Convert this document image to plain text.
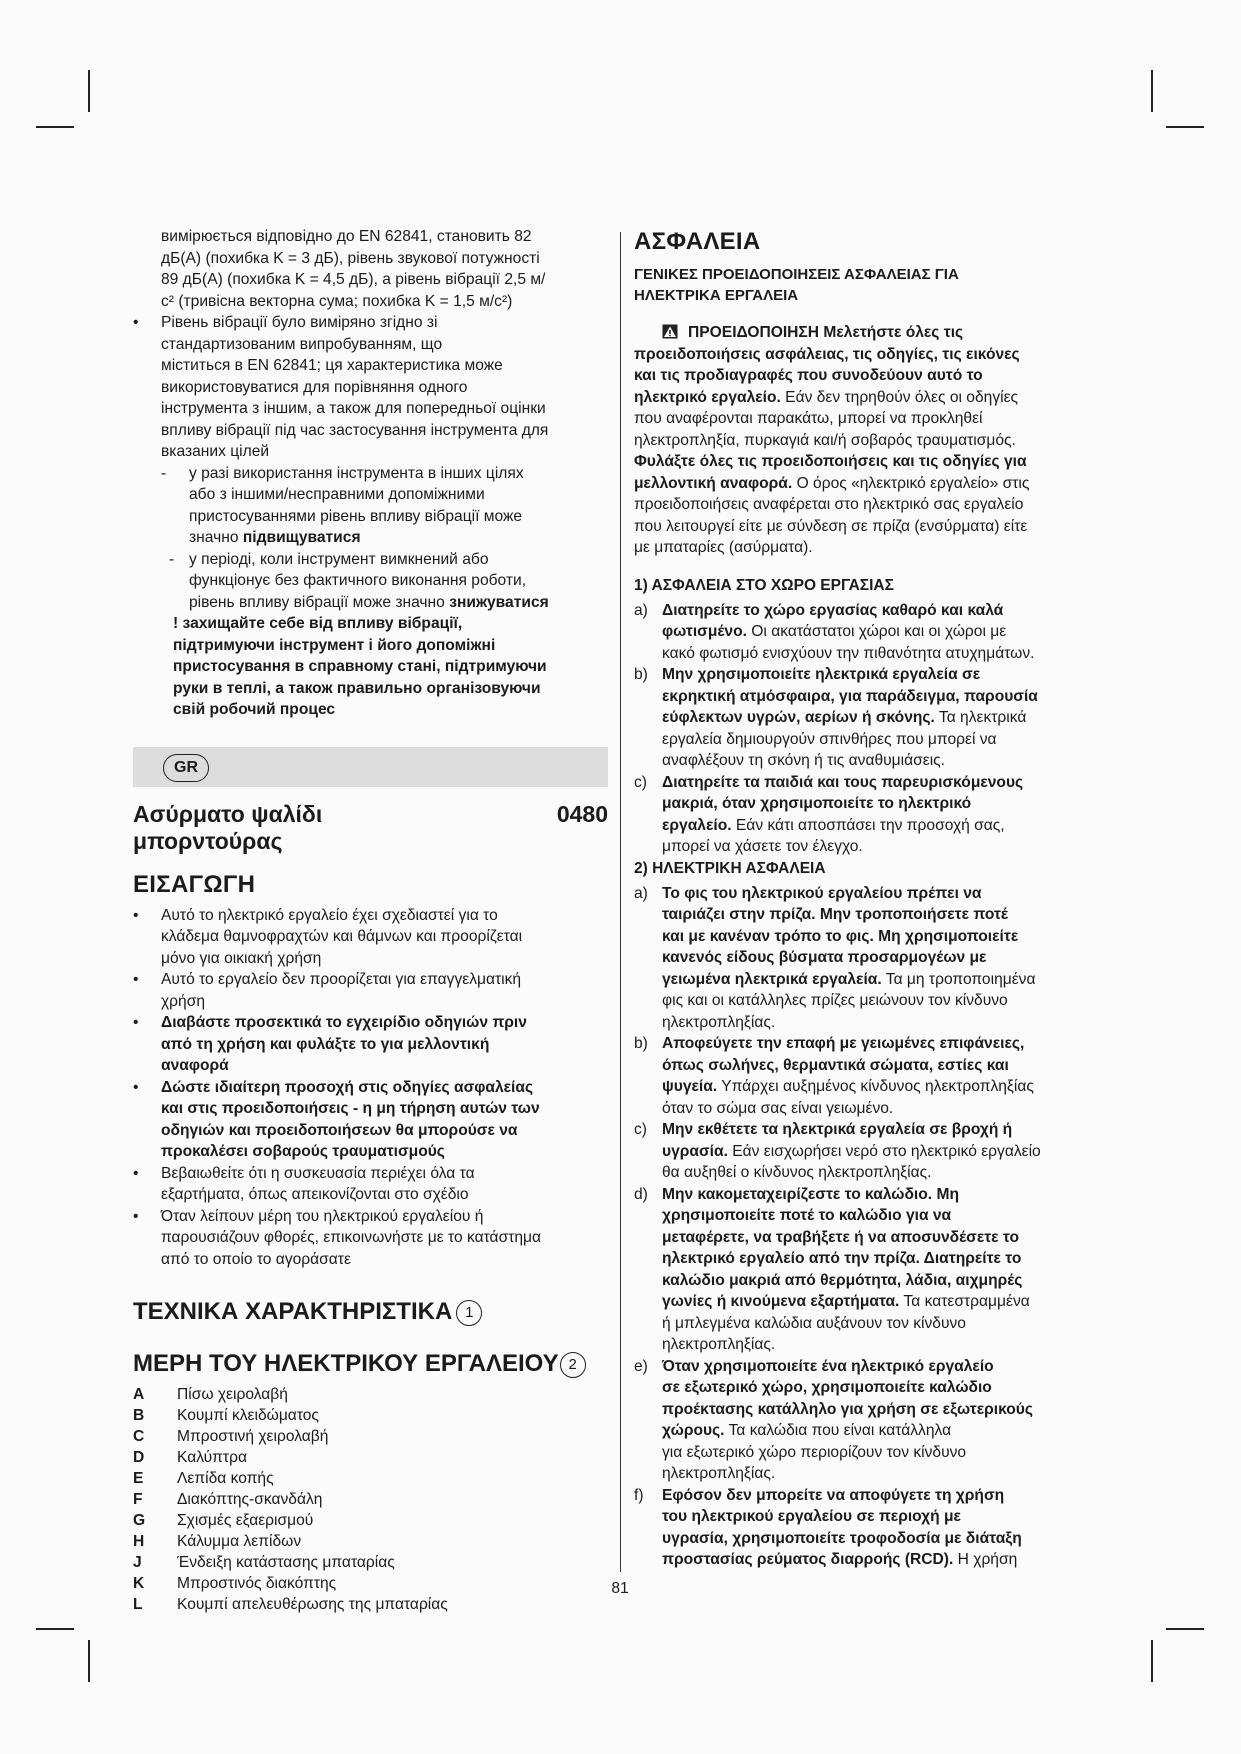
вимірюється відповідно до EN 62841, становить 82

дБ(A) (похибка K = 3 дБ), рівень звукової потужності

89 дБ(A) (похибка K = 4,5 дБ), а рівень вібрації 2,5 м/

с² (тривісна векторна сума; похибка K = 1,5 м/с²)

• Рівень вібрації було виміряно згідно зі

стандартизованим випробуванням, що

міститься в EN 62841; ця характеристика може

використовуватися для порівняння одного

інструмента з іншим, а також для попередньої оцінки

впливу вібрації під час застосування інструмента для

вказаних цілей

-	у разі використання інструмента в інших цілях

або з іншими/несправними допоміжними

пристосуваннями рівень впливу вібрації може

значно підвищуватися

- у періоді, коли інструмент вимкнений або

функціонує без фактичного виконання роботи,

рівень впливу вібрації може значно знижуватися

! захищайте себе від впливу вібрації,

підтримуючи інструмент і його допоміжні

пристосування в справному стані, підтримуючи

руки в теплі, а також правильно організовуючи

свій робочий процес

GR

Ασύρματο ψαλίδι

μπορντούρας

0480
ΕΙΣΑΓΩΓΗ
• Αυτό το ηλεκτρικό εργαλείο έχει σχεδιαστεί για το

κλάδεμα θαμνοφραχτών και θάμνων και προορίζεται

μόνο για οικιακή χρήση

• Αυτό το εργαλείο δεν προορίζεται για επαγγελματική

χρήση

• Διαβάστε προσεκτικά το εγχειρίδιο οδηγιών πριν

από τη χρήση και φυλάξτε το για μελλοντική

αναφορά

• Δώστε ιδιαίτερη προσοχή στις οδηγίες ασφαλείας

και στις προειδοποιήσεις - η μη τήρηση αυτών των

οδηγιών και προειδοποιήσεων θα μπορούσε να

προκαλέσει σοβαρούς τραυματισμούς

• Βεβαιωθείτε ότι η συσκευασία περιέχει όλα τα

εξαρτήματα, όπως απεικονίζονται στο σχέδιο

• Όταν λείπουν μέρη του ηλεκτρικού εργαλείου ή

παρουσιάζουν φθορές, επικοινωνήστε με το κατάστημα

από το οποίο το αγοράσατε

ΤΕΧΝΙΚΑ ΧΑΡΑΚΤΗΡΙΣΤΙΚΑ 1
ΜΕΡΗ ΤΟΥ ΗΛΕΚΤΡΙΚΟΥ ΕΡΓΑΛΕΙΟΥ 2
A	Πίσω χειρολαβή
B	Κουμπί κλειδώματος
C	Μπροστινή χειρολαβή
D	Καλύπτρα
E	Λεπίδα κοπής
F	Διακόπτης-σκανδάλη
G	Σχισμές εξαερισμού
H	Κάλυμμα λεπίδων
J	Ένδειξη κατάστασης μπαταρίας
K	Μπροστινός διακόπτης
L	Κουμπί απελευθέρωσης της μπαταρίας
ΑΣΦΑΛΕΙΑ

ΓΕΝΙΚΕΣ ΠΡΟΕΙΔΟΠΟΙΗΣΕΙΣ ΑΣΦΑΛΕΙΑΣ ΓΙΑ

ΗΛΕΚΤΡΙΚΑ ΕΡΓΑΛΕΙΑ

ΠΡΟΕΙΔΟΠΟΙΗΣΗ Μελετήστε όλες τις

προειδοποιήσεις ασφάλειας, τις οδηγίες, τις εικόνες

και τις προδιαγραφές που συνοδεύουν αυτό το

ηλεκτρικό εργαλείο. Εάν δεν τηρηθούν όλες οι οδηγίες

που αναφέρονται παρακάτω, μπορεί να προκληθεί

ηλεκτροπληξία, πυρκαγιά και/ή σοβαρός τραυματισμός.

Φυλάξτε όλες τις προειδοποιήσεις και τις οδηγίες για

μελλοντική αναφορά. Ο όρος «ηλεκτρικό εργαλείο» στις

προειδοποιήσεις αναφέρεται στο ηλεκτρικό σας εργαλείο

που λειτουργεί είτε με σύνδεση σε πρίζα (ενσύρματα) είτε

με μπαταρίες (ασύρματα).

1) ΑΣΦΑΛΕΙΑ ΣΤΟ ΧΩΡΟ ΕΡΓΑΣΙΑΣ
a) Διατηρείτε το χώρο εργασίας καθαρό και καλά

φωτισμένο. Οι ακατάστατοι χώροι και οι χώροι με

κακό φωτισμό ενισχύουν την πιθανότητα ατυχημάτων.

b) Μην χρησιμοποιείτε ηλεκτρικά εργαλεία σε

εκρηκτική ατμόσφαιρα, για παράδειγμα, παρουσία

εύφλεκτων υγρών, αερίων ή σκόνης. Τα ηλεκτρικά

εργαλεία δημιουργούν σπινθήρες που μπορεί να

αναφλέξουν τη σκόνη ή τις αναθυμιάσεις.

c) Διατηρείτε τα παιδιά και τους παρευρισκόμενους

μακριά, όταν χρησιμοποιείτε το ηλεκτρικό

εργαλείο. Εάν κάτι αποσπάσει την προσοχή σας,

μπορεί να χάσετε τον έλεγχο.

2) ΗΛΕΚΤΡΙΚΗ ΑΣΦΑΛΕΙΑ
a) Το φις του ηλεκτρικού εργαλείου πρέπει να

ταιριάζει στην πρίζα. Μην τροποποιήσετε ποτέ

και με κανέναν τρόπο το φις. Μη χρησιμοποιείτε

κανενός είδους βύσματα προσαρμογέων με

γειωμένα ηλεκτρικά εργαλεία. Τα μη τροποποιημένα

φις και οι κατάλληλες πρίζες μειώνουν τον κίνδυνο

ηλεκτροπληξίας.

b) Αποφεύγετε την επαφή με γειωμένες επιφάνειες,

όπως σωλήνες, θερμαντικά σώματα, εστίες και

ψυγεία. Υπάρχει αυξημένος κίνδυνος ηλεκτροπληξίας

όταν το σώμα σας είναι γειωμένο.

c) Μην εκθέτετε τα ηλεκτρικά εργαλεία σε βροχή ή

υγρασία. Εάν εισχωρήσει νερό στο ηλεκτρικό εργαλείο

θα αυξηθεί ο κίνδυνος ηλεκτροπληξίας.

d) Μην κακομεταχειρίζεστε το καλώδιο. Μη

χρησιμοποιείτε ποτέ το καλώδιο για να

μεταφέρετε, να τραβήξετε ή να αποσυνδέσετε το

ηλεκτρικό εργαλείο από την πρίζα. Διατηρείτε το

καλώδιο μακριά από θερμότητα, λάδια, αιχμηρές

γωνίες ή κινούμενα εξαρτήματα. Τα κατεστραμμένα

ή μπλεγμένα καλώδια αυξάνουν τον κίνδυνο

ηλεκτροπληξίας.

e) Όταν χρησιμοποιείτε ένα ηλεκτρικό εργαλείο

σε εξωτερικό χώρο, χρησιμοποιείτε καλώδιο

προέκτασης κατάλληλο για χρήση σε εξωτερικούς

χώρους. Τα καλώδια που είναι κατάλληλα

για εξωτερικό χώρο περιορίζουν τον κίνδυνο

ηλεκτροπληξίας.

f) Εφόσον δεν μπορείτε να αποφύγετε τη χρήση

του ηλεκτρικού εργαλείου σε περιοχή με

υγρασία, χρησιμοποιείτε τροφοδοσία με διάταξη

προστασίας ρεύματος διαρροής (RCD). Η χρήση

81
